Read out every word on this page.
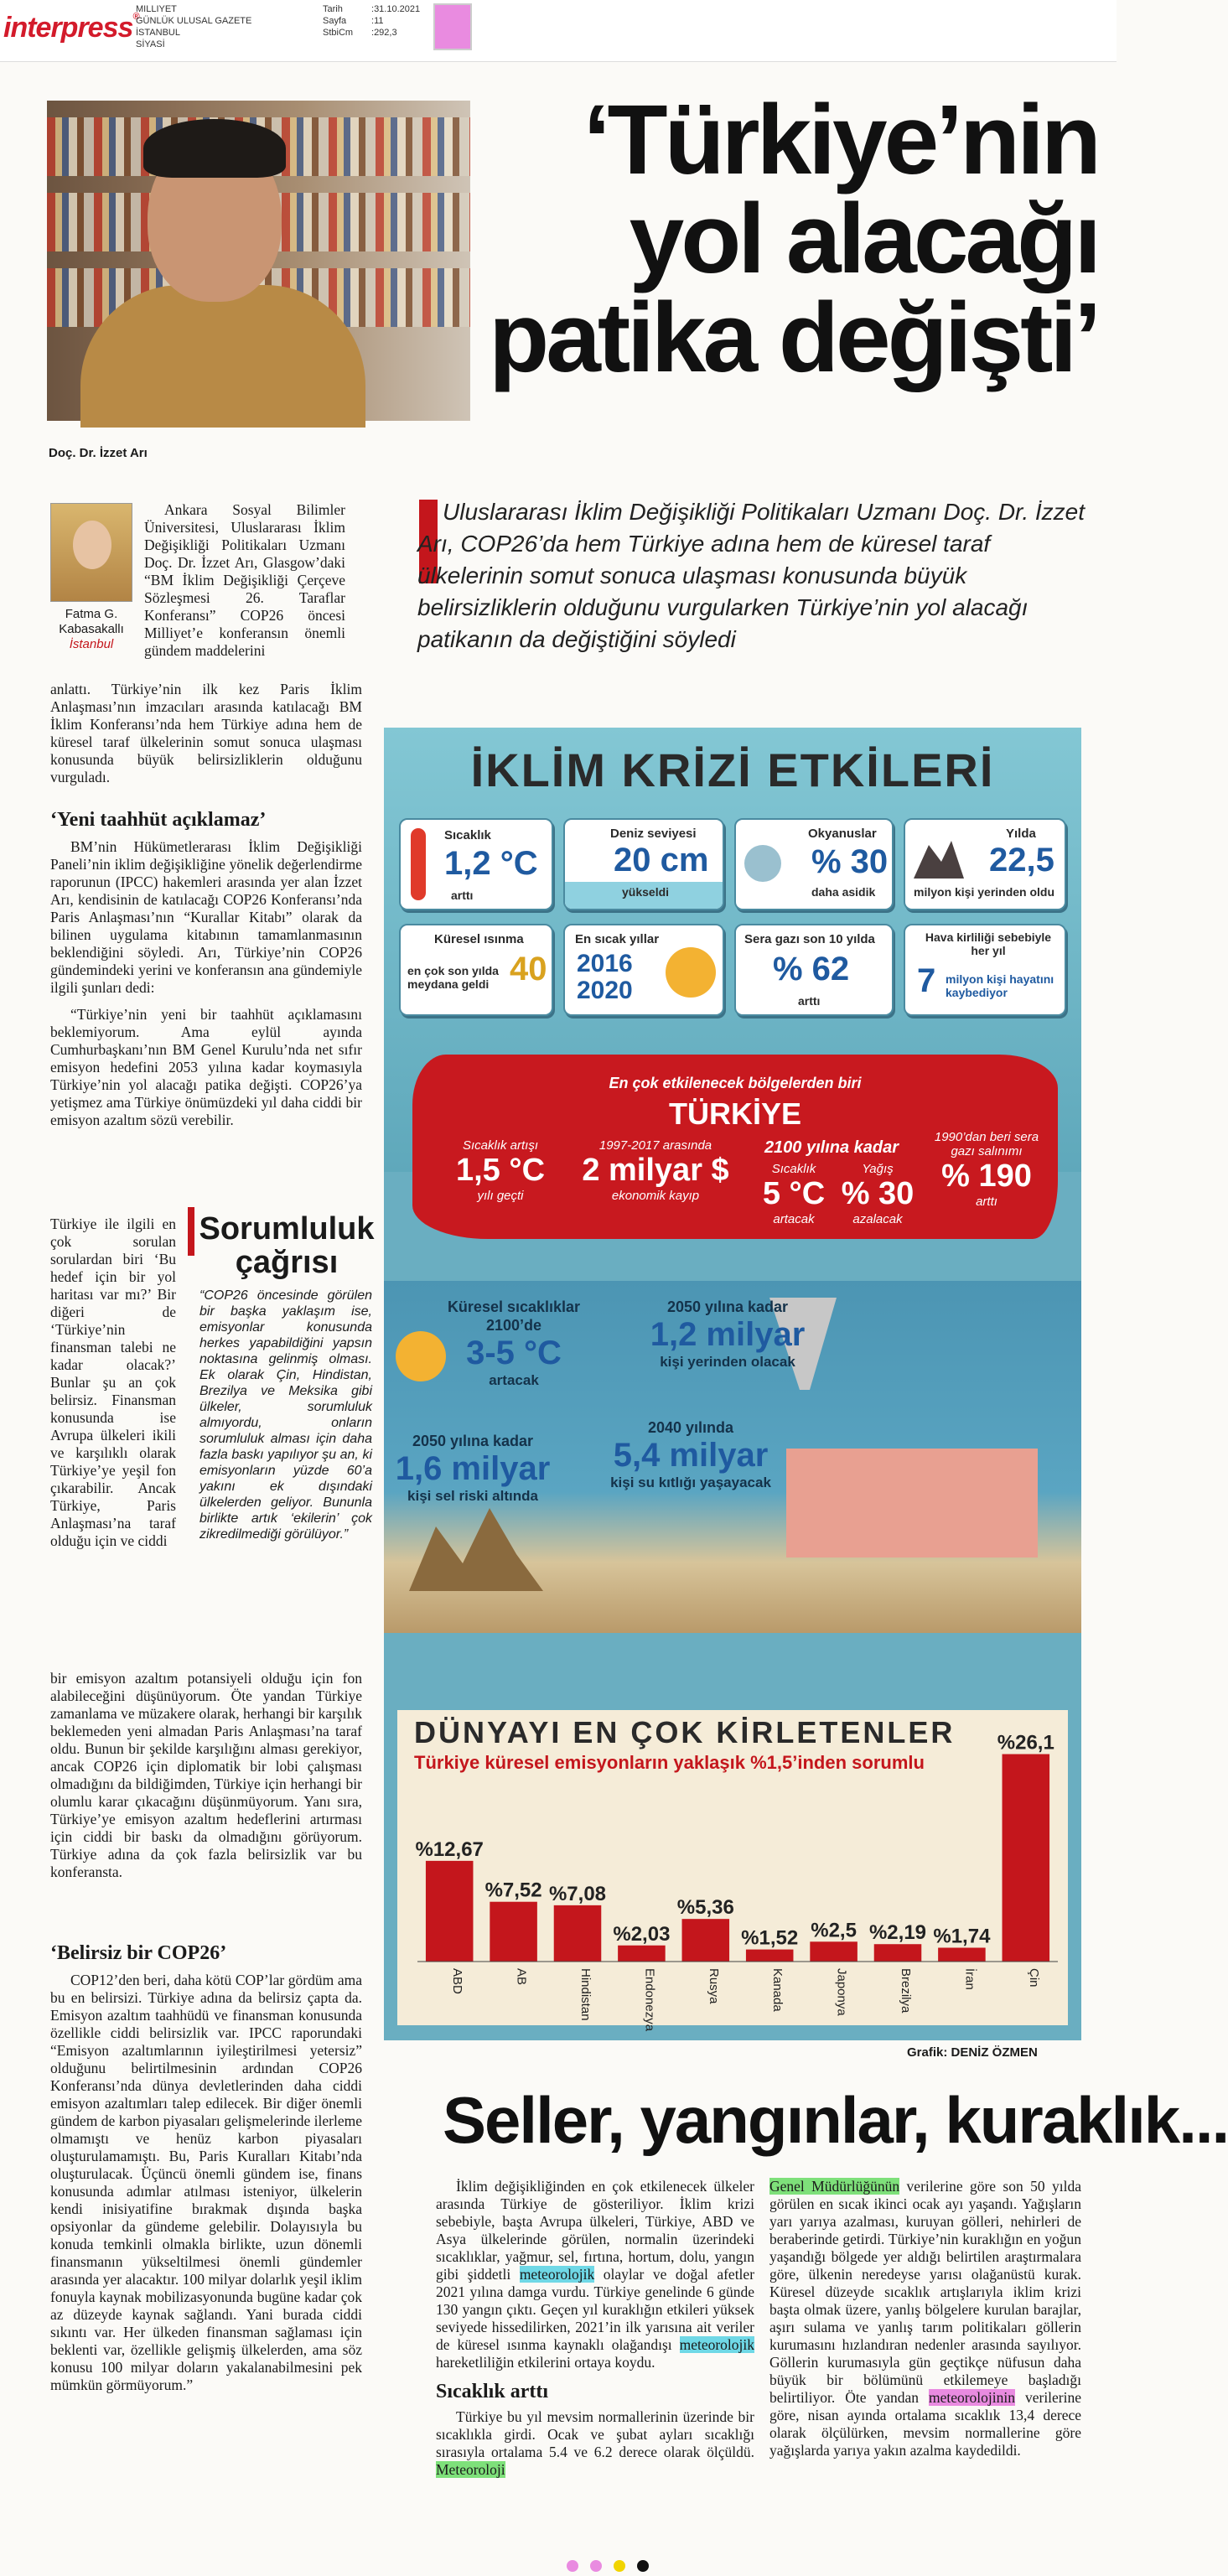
interpress®
MILLIYET
GÜNLÜK ULUSAL GAZETE
İSTANBUL
SİYASİ
Tarih	: 31.10.2021
Sayfa	: 11
StbiCm	: 292,3
Doç. Dr. İzzet Arı
‘Türkiye’nin
yol alacağı
patika değişti’
Uluslararası İklim Değişikliği Politikaları Uzmanı Doç. Dr. İzzet Arı, COP26’da hem Türkiye adına hem de küresel taraf ülkelerinin somut sonuca ulaşması konusunda büyük belirsizliklerin olduğunu vurgularken Türkiye’nin yol alacağı patikanın da değiştiğini söyledi
Fatma G. Kabasakallı
İstanbul

Ankara Sosyal Bilimler Üniversitesi, Uluslararası İklim Değişikliği Politikaları Uzmanı Doç. Dr. İzzet Arı, Glasgow’daki “BM İklim Değişikliği Çerçeve Sözleşmesi 26. Taraflar Konferansı” COP26 öncesi Milliyet’e konferansın önemli gündem maddelerini

anlattı. Türkiye’nin ilk kez Paris İklim Anlaşması’nın imzacıları arasında katılacağı BM İklim Konferansı’nda hem Türkiye adına hem de küresel taraf ülkelerinin somut sonuca ulaşması konusunda büyük belirsizliklerin olduğunu vurguladı.

‘Yeni taahhüt açıklamaz’

BM’nin Hükümetlerarası İklim Değişikliği Paneli’nin iklim değişikliğine yönelik değerlendirme raporunun (IPCC) hakemleri arasında yer alan İzzet Arı, kendisinin de katılacağı COP26 Konferansı’nda Paris Anlaşması’nın “Kurallar Kitabı” olarak da bilinen uygulama kitabının tamamlanmasının beklendiğini söyledi. Arı, Türkiye’nin COP26 gündemindeki yerini ve konferansın ana gündemiyle ilgili şunları dedi:

“Türkiye’nin yeni bir taahhüt açıklamasını beklemiyorum. Ama eylül ayında Cumhurbaşkanı’nın BM Genel Kurulu’nda net sıfır emisyon hedefini 2053 yılına kadar koymasıyla Türkiye’nin yol alacağı patika değişti. COP26’ya yetişmez ama Türkiye önümüzdeki yıl daha ciddi bir emisyon azaltım sözü verebilir.

Türkiye ile ilgili en çok sorulan sorulardan biri ‘Bu hedef için bir yol haritası var mı?’ Bir diğeri de ‘Türkiye’nin finansman talebi ne kadar olacak?’ Bunlar şu an çok belirsiz. Finansman konusunda ise Avrupa ülkeleri ikili ve karşılıklı olarak Türkiye’ye yeşil fon çıkarabilir. Ancak Türkiye, Paris Anlaşması’na taraf olduğu için ve ciddi

bir emisyon azaltım potansiyeli olduğu için fon alabileceğini düşünüyorum. Öte yandan Türkiye zamanlama ve müzakere olarak, herhangi bir karşılık beklemeden yeni almadan Paris Anlaşması’na taraf oldu. Bunun bir şekilde karşılığını alması gerekiyor, ancak COP26 için diplomatik bir lobi çalışması olmadığını da bildiğimden, Türkiye için herhangi bir olumlu karar çıkacağını düşünmüyorum. Yanı sıra, Türkiye’ye emisyon azaltım hedeflerini artırması için ciddi bir baskı da olmadığını görüyorum. Türkiye adına da çok fazla belirsizlik var bu konferansta.

‘Belirsiz bir COP26’

COP12’den beri, daha kötü COP’lar gördüm ama bu en belirsizi. Türkiye adına da belirsiz çapta da. Emisyon azaltım taahhüdü ve finansman konusunda özellikle ciddi belirsizlik var. IPCC raporundaki “Emisyon azaltımlarının iyileştirilmesi yetersiz” olduğunu belirtilmesinin ardından COP26 Konferansı’nda dünya devletlerinden daha ciddi emisyon azaltımları talep edilecek. Bir diğer önemli gündem de karbon piyasaları gelişmelerinde ilerleme olmamıştı ve henüz karbon piyasaları oluşturulamamıştı. Bu, Paris Kuralları Kitabı’nda oluşturulacak. Üçüncü önemli gündem ise, finans konusunda adımlar atılması isteniyor, ülkelerin kendi inisiyatifine bırakmak dışında başka opsiyonlar da gündeme gelebilir. Dolayısıyla bu konuda temkinli olmakla birlikte, uzun dönemli finansmanın yükseltilmesi önemli gündemler arasında yer alacaktır. 100 milyar dolarlık yeşil iklim fonuyla kaynak mobilizasyonunda bugüne kadar çok az düzeyde kaynak sağlandı. Yani burada ciddi sıkıntı var. Her ülkeden finansman sağlaması için beklenti var, özellikle gelişmiş ülkelerden, ama söz konusu 100 milyar doların yakalanabilmesini pek mümkün görmüyorum.”

Sorumluluk
çağrısı
“COP26 öncesinde görülen bir başka yaklaşım ise, emisyonlar konusunda herkes yapabildiğini yapsın noktasına gelinmiş olması. Ek olarak Çin, Hindistan, Brezilya ve Meksika gibi ülkeler, sorumluluk almıyordu, onların sorumluluk alması için daha fazla baskı yapılıyor şu an, ki emisyonların yüzde 60’a yakını ek dışındaki ülkelerden geliyor. Bununla birlikte artık ‘ekilerin’ çok zikredilmediği görülüyor.”
İKLİM KRİZİ ETKİLERİ
Sıcaklık
1,2 °C
arttı
Deniz seviyesi
20 cm
yükseldi
Okyanuslar
% 30
daha asidik
Yılda
22,5
milyon kişi yerinden oldu
Küresel ısınma
40
en çok son yılda meydana geldi
En sıcak yıllar
2016 2020
Sera gazı son 10 yılda
% 62
arttı
Hava kirliliği sebebiyle her yıl
7 milyon kişi hayatını kaybediyor
En çok etkilenecek bölgelerden biri
TÜRKİYE
Sıcaklık artışı
1,5 °C
yılı geçti
1997-2017 arasında
2 milyar $
ekonomik kayıp
2100 yılına kadar
Sıcaklık
5 °C
artacak
Yağış
% 30
azalacak
1990’dan beri sera gazı salınımı
% 190
arttı
Küresel sıcaklıklar 2100’de
3-5 °C
artacak
2050 yılına kadar
1,2 milyar
kişi yerinden olacak
2050 yılına kadar
1,6 milyar
kişi sel riski altında
2040 yılında
5,4 milyar
kişi su kıtlığı yaşayacak
DÜNYAYI EN ÇOK KİRLETENLER
Türkiye küresel emisyonların yaklaşık %1,5’inden sorumlu
%12,67
ABD
%7,52
AB
%7,08
Hindistan
%2,03
Endonezya
%5,36
Rusya
%1,52
Kanada
%2,5
Japonya
%2,19
Brezilya
%1,74
İran
%26,1
Çin
Grafik: DENİZ ÖZMEN
Seller, yangınlar, kuraklık...

İklim değişikliğinden en çok etkilenecek ülkeler arasında Türkiye de gösteriliyor. İklim krizi sebebiyle, başta Avrupa ülkeleri, Türkiye, ABD ve Asya ülkelerinde görülen, normalin üzerindeki sıcaklıklar, yağmur, sel, fırtına, hortum, dolu, yangın gibi şiddetli meteorolojik olaylar ve doğal afetler 2021 yılına damga vurdu. Türkiye genelinde 6 günde 130 yangın çıktı. Geçen yıl kuraklığın etkileri yüksek seviyede hissedilirken, 2021’in ilk yarısına ait veriler de küresel ısınma kaynaklı olağandışı meteorolojik hareketliliğin etkilerini ortaya koydu.

Sıcaklık arttı

Türkiye bu yıl mevsim normallerinin üzerinde bir sıcaklıkla girdi. Ocak ve şubat ayları sıcaklığı sırasıyla ortalama 5.4 ve 6.2 derece olarak ölçüldü. Meteoroloji

Genel Müdürlüğünün verilerine göre son 50 yılda görülen en sıcak ikinci ocak ayı yaşandı. Yağışların yarı yarıya azalması, kuruyan gölleri, nehirleri de beraberinde getirdi. Türkiye’nin kuraklığın en yoğun yaşandığı bölgede yer aldığı belirtilen araştırmalara göre, ülkenin neredeyse yarısı olağanüstü kurak. Küresel düzeyde sıcaklık artışlarıyla iklim krizi başta olmak üzere, yanlış bölgelere kurulan barajlar, aşırı sulama ve yanlış tarım politikaları göllerin kurumasını hızlandıran nedenler arasında sayılıyor. Göllerin kurumasıyla gün geçtikçe nüfusun daha büyük bir bölümünü etkilemeye başladığı belirtiliyor. Öte yandan meteorolojinin verilerine göre, nisan ayında ortalama sıcaklık 13,4 derece olarak ölçülürken, mevsim normallerine göre yağışlarda yarıya yakın azalma kaydedildi.
